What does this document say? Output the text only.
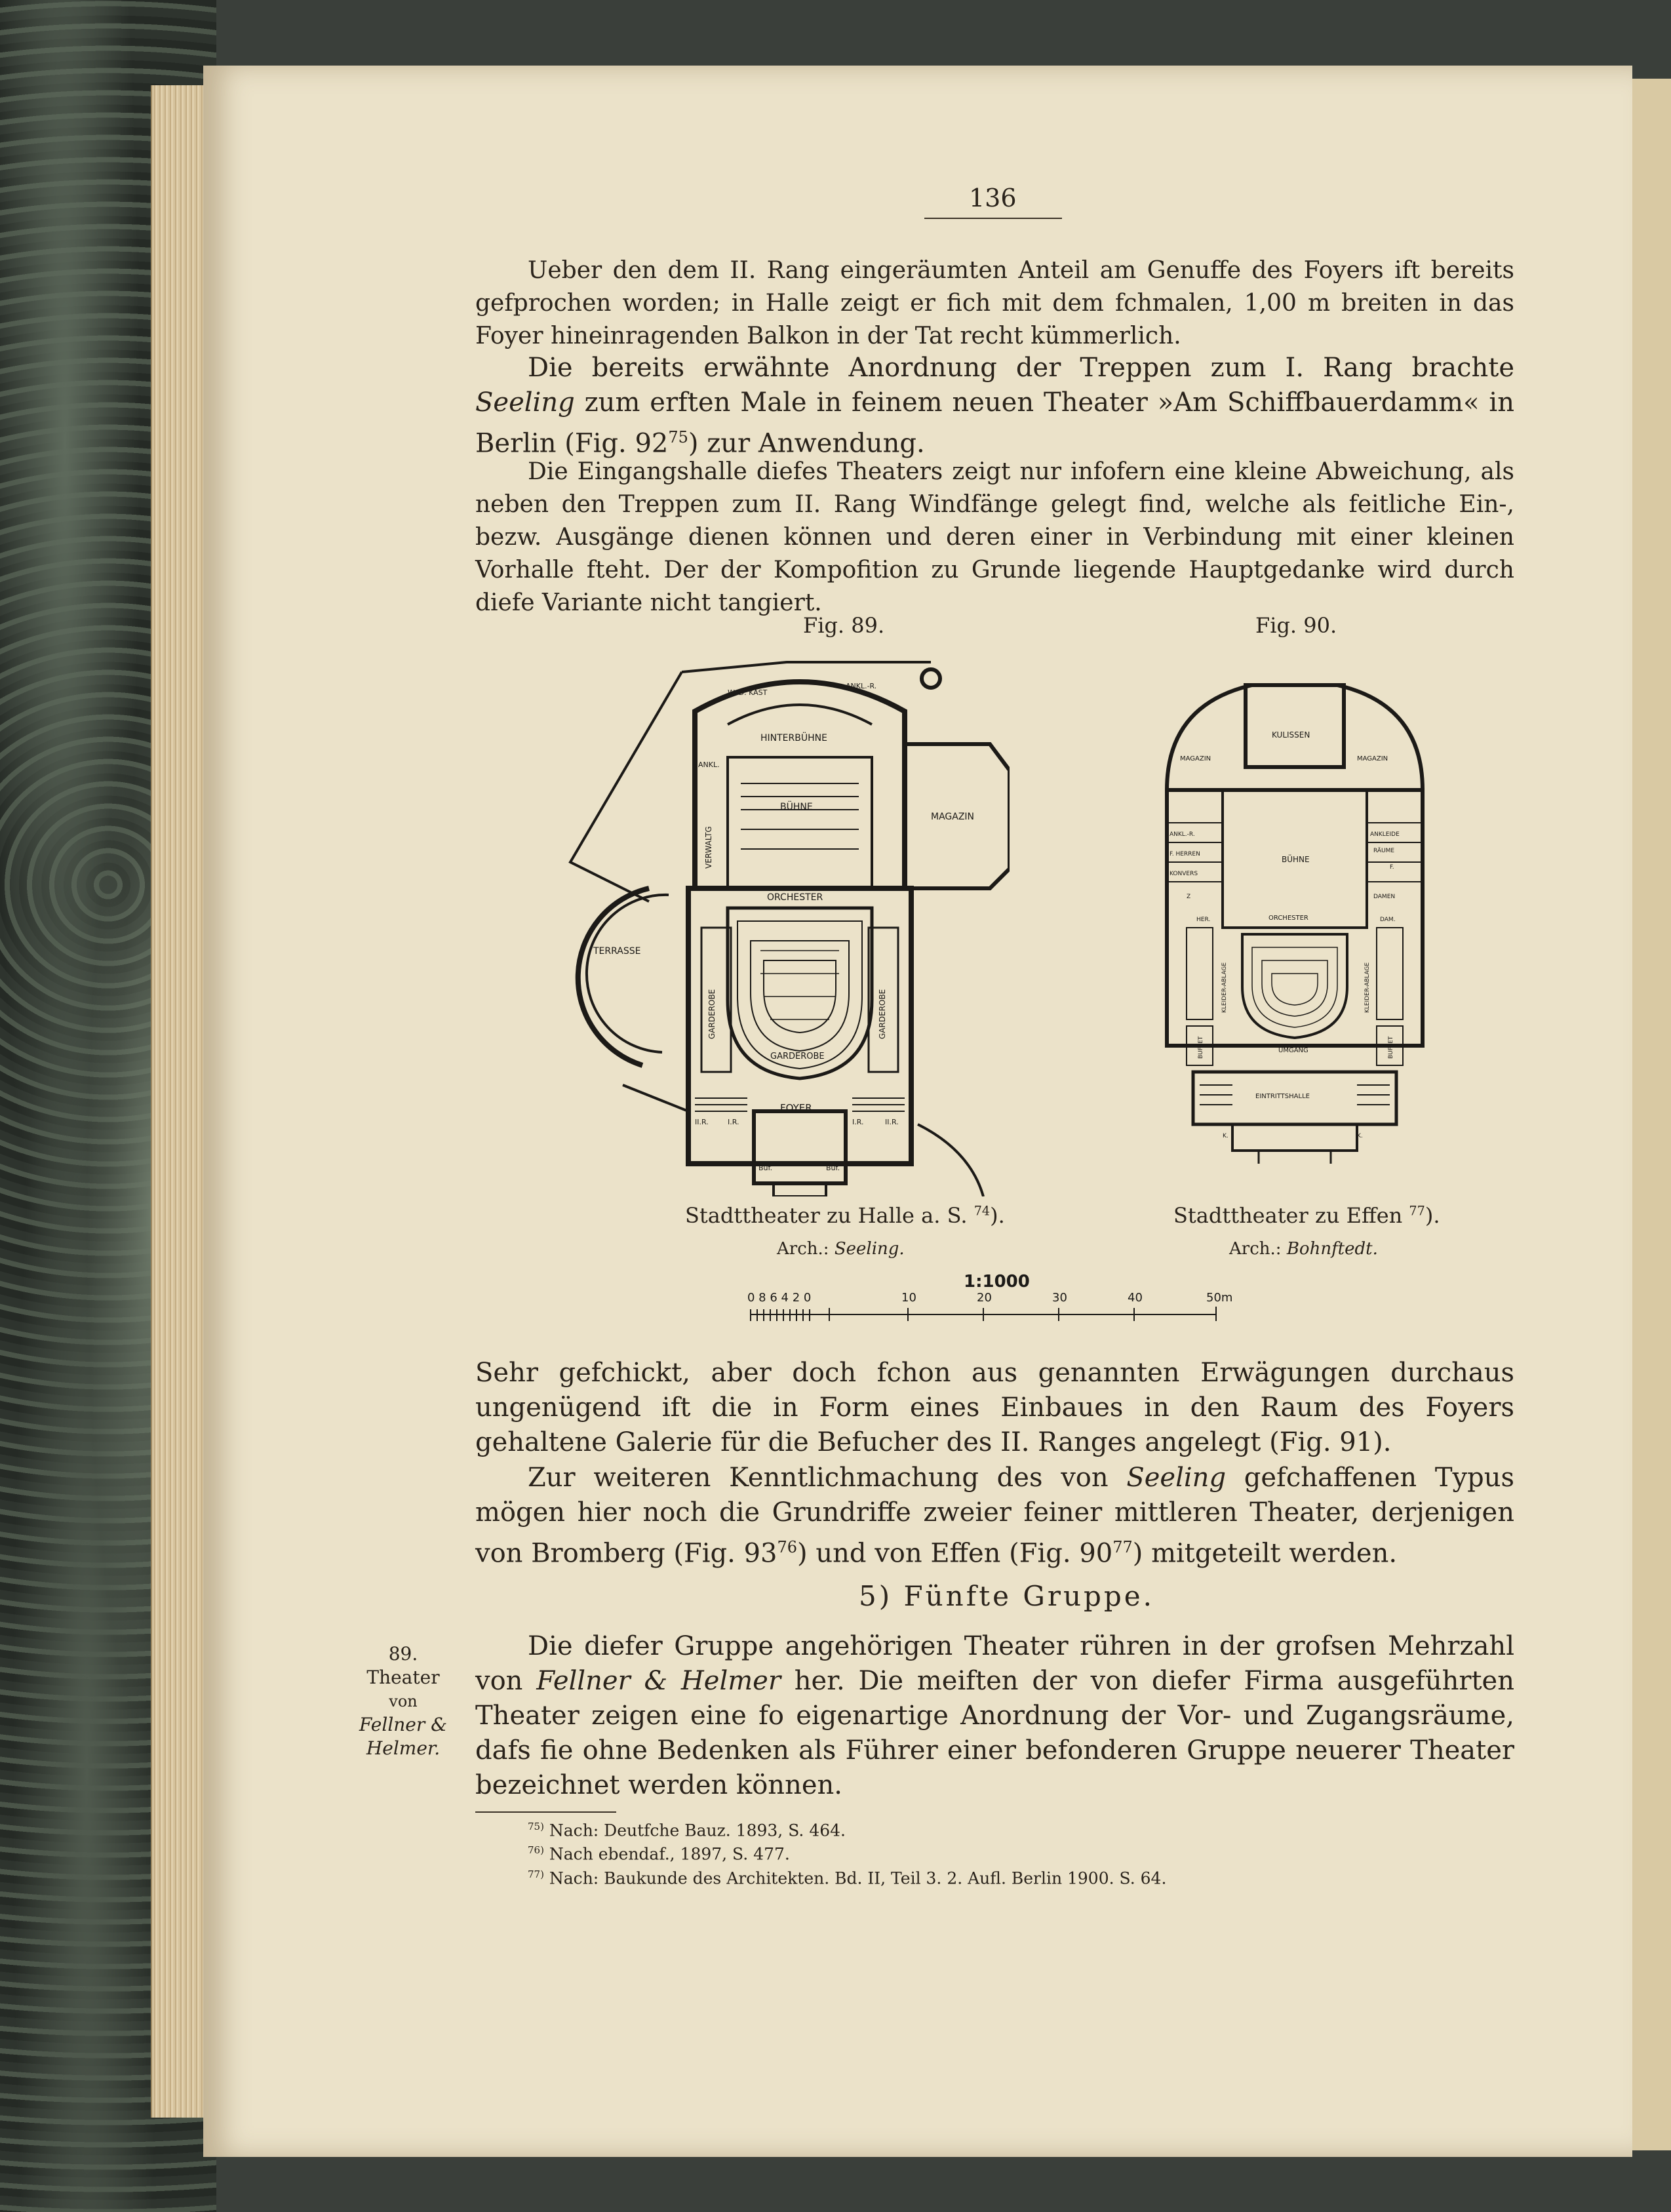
136

Ueber den dem II. Rang eingeräumten Anteil am Genuffe des Foyers ift bereits gefprochen worden; in Halle zeigt er fich mit dem fchmalen, 1,00 m breiten in das Foyer hineinragenden Balkon in der Tat recht kümmerlich.

Die bereits erwähnte Anordnung der Treppen zum I. Rang brachte Seeling zum erften Male in feinem neuen Theater »Am Schiffbauerdamm« in Berlin (Fig. $92^{75}$) zur Anwendung.

Die Eingangshalle diefes Theaters zeigt nur infofern eine kleine Abweichung, als neben den Treppen zum II. Rang Windfänge gelegt find, welche als feitliche Ein-, bezw. Ausgänge dienen können und deren einer in Verbindung mit einer kleinen Vorhalle fteht. Der der Kompofition zu Grunde liegende Hauptgedanke wird durch diefe Variante nicht tangiert.

Fig. 89.	Fig. 90.
HINTERBÜHNE
BÜHNE
MAGAZIN
ORCHESTER
TERRASSE
GARDEROBE	GARDEROBE
GARDEROBE
FOYER
VERWALTG
ANKL.
ANKL.-R.
W. D. KAST
II.R.	I.R.	I.R.	II.R.
Büf.	Büf.
KULISSEN
MAGAZIN	MAGAZIN
BÜHNE
ANKL.-R.
F. HERREN
KONVERS
Z
ANKLEIDE
RÄUME
F.
DAMEN
HER.	DAM.
ORCHESTER
KLEIDER-ABLAGE	KLEIDER-ABLAGE
BUFFET	BUFFET
UMGANG
EINTRITTSHALLE
K.	K.
Stadttheater zu Halle a. S. $^{74}$).
Arch.: Seeling.
Stadttheater zu Effen $^{77}$).
Arch.: Bohnftedt.
1:1000
0 8 6 4 2 0	10	20	30	40	50m

Sehr gefchickt, aber doch fchon aus genannten Erwägungen durchaus ungenügend ift die in Form eines Einbaues in den Raum des Foyers gehaltene Galerie für die Befucher des II. Ranges angelegt (Fig. 91).

Zur weiteren Kenntlichmachung des von Seeling gefchaffenen Typus mögen hier noch die Grundriffe zweier feiner mittleren Theater, derjenigen von Bromberg (Fig. $93^{76}$) und von Effen (Fig. $90^{77}$) mitgeteilt werden.

5) Fünfte Gruppe.
89.
Theater
von
Fellner &
Helmer.

Die diefer Gruppe angehörigen Theater rühren in der grofsen Mehrzahl von Fellner & Helmer her. Die meiften der von diefer Firma ausgeführten Theater zeigen eine fo eigenartige Anordnung der Vor- und Zugangsräume, dafs fie ohne Bedenken als Führer einer befonderen Gruppe neuerer Theater bezeichnet werden können.

$^{75)}$ Nach: Deutfche Bauz. 1893, S. 464.
$^{76)}$ Nach ebendaf., 1897, S. 477.
$^{77)}$ Nach: Baukunde des Architekten. Bd. II, Teil 3. 2. Aufl. Berlin 1900. S. 64.
